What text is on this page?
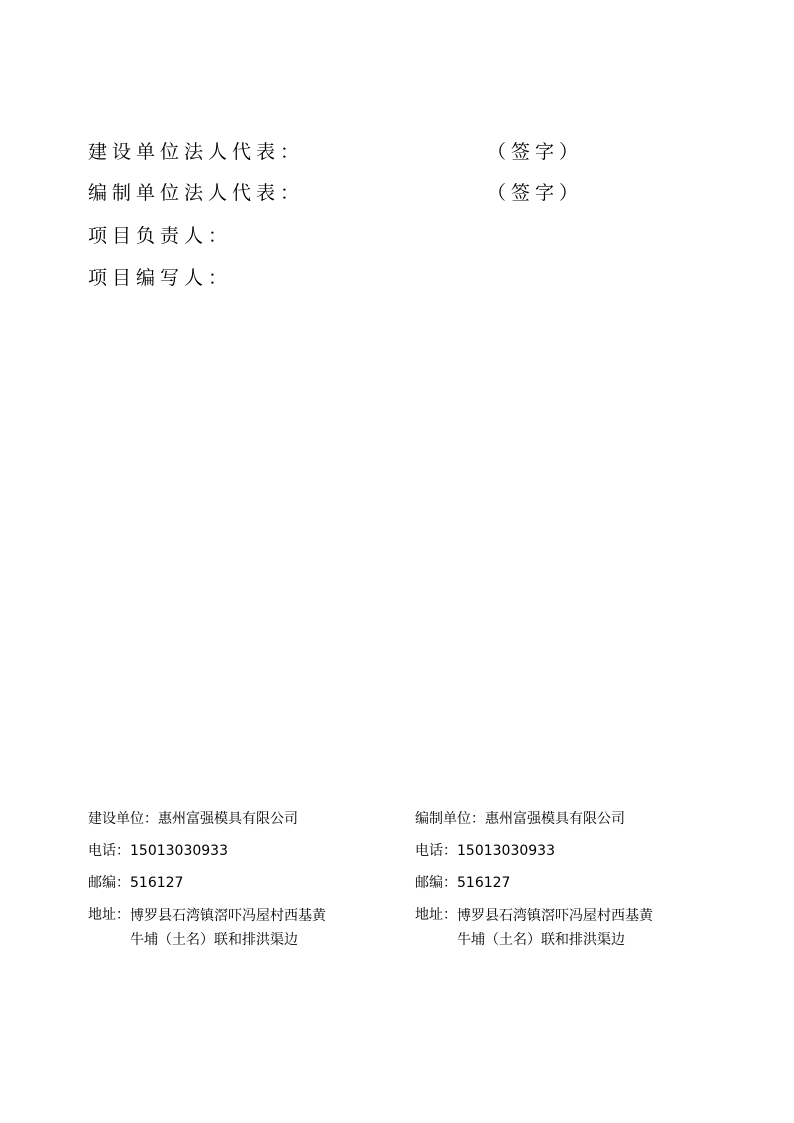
建设单位法人代表：	（签字）
编制单位法人代表：	（签字）
项目负责人：
项目编写人：
建设单位：惠州富强模具有限公司
电话：15013030933
邮编：516127
地址： 博罗县石湾镇滘吓冯屋村西基黄
牛埔（土名）联和排洪渠边
编制单位：惠州富强模具有限公司
电话：15013030933
邮编：516127
地址： 博罗县石湾镇滘吓冯屋村西基黄
牛埔（土名）联和排洪渠边
